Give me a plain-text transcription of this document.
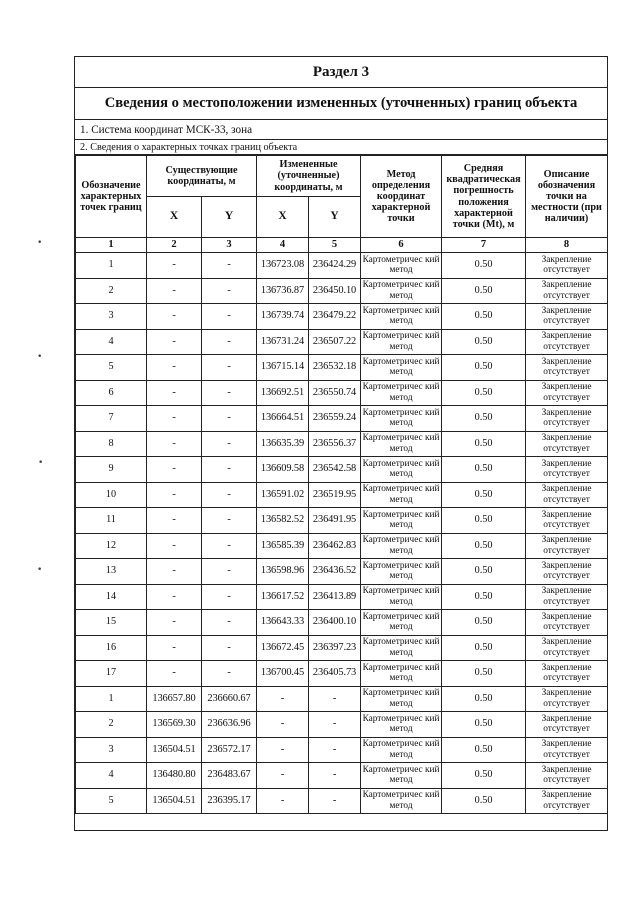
Раздел 3
Сведения о местоположении измененных (уточненных) границ объекта
1. Система координат МСК-33, зона
2. Сведения о характерных точках границ объекта
Обозначение характерных точек границ	Существующие координаты, м		Измененные (уточненные) координаты, м		Метод определения координат характерной точки	Средняя квадратическая погрешность положения характерной точки (Mt), м	Описание обозначения точки на местности (при наличии)
	X	Y	X	Y			
1	2	3	4	5	6	7	8
1	-	-	136723.08	236424.29	Картометричес кий метод	0.50	Закрепление отсутствует
2	-	-	136736.87	236450.10	Картометричес кий метод	0.50	Закрепление отсутствует
3	-	-	136739.74	236479.22	Картометричес кий метод	0.50	Закрепление отсутствует
4	-	-	136731.24	236507.22	Картометричес кий метод	0.50	Закрепление отсутствует
5	-	-	136715.14	236532.18	Картометричес кий метод	0.50	Закрепление отсутствует
6	-	-	136692.51	236550.74	Картометричес кий метод	0.50	Закрепление отсутствует
7	-	-	136664.51	236559.24	Картометричес кий метод	0.50	Закрепление отсутствует
8	-	-	136635.39	236556.37	Картометричес кий метод	0.50	Закрепление отсутствует
9	-	-	136609.58	236542.58	Картометричес кий метод	0.50	Закрепление отсутствует
10	-	-	136591.02	236519.95	Картометричес кий метод	0.50	Закрепление отсутствует
11	-	-	136582.52	236491.95	Картометричес кий метод	0.50	Закрепление отсутствует
12	-	-	136585.39	236462.83	Картометричес кий метод	0.50	Закрепление отсутствует
13	-	-	136598.96	236436.52	Картометричес кий метод	0.50	Закрепление отсутствует
14	-	-	136617.52	236413.89	Картометричес кий метод	0.50	Закрепление отсутствует
15	-	-	136643.33	236400.10	Картометричес кий метод	0.50	Закрепление отсутствует
16	-	-	136672.45	236397.23	Картометричес кий метод	0.50	Закрепление отсутствует
17	-	-	136700.45	236405.73	Картометричес кий метод	0.50	Закрепление отсутствует
1	136657.80	236660.67	-	-	Картометричес кий метод	0.50	Закрепление отсутствует
2	136569.30	236636.96	-	-	Картометричес кий метод	0.50	Закрепление отсутствует
3	136504.51	236572.17	-	-	Картометричес кий метод	0.50	Закрепление отсутствует
4	136480.80	236483.67	-	-	Картометричес кий метод	0.50	Закрепление отсутствует
5	136504.51	236395.17	-	-	Картометричес кий метод	0.50	Закрепление отсутствует
•
•
•
•
